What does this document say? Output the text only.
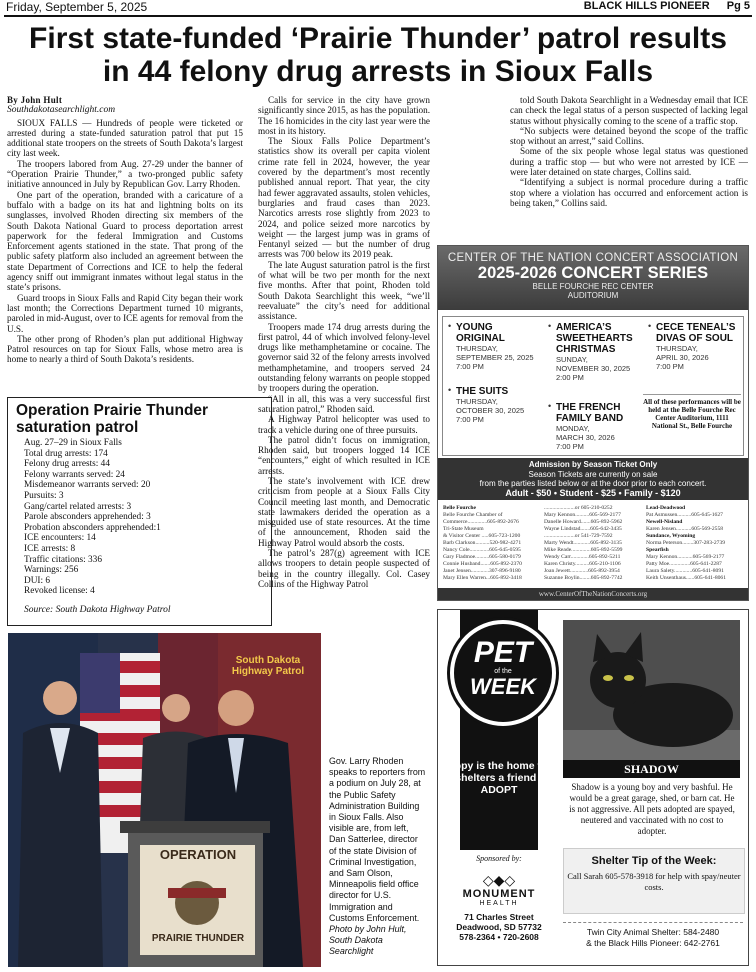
Friday, September 5, 2025	BLACK HILLS PIONEER Pg 5
First state-funded ‘Prairie Thunder’ patrol results
in 44 felony drug arrests in Sioux Falls
By John Hult
Southdakotasearchlight.com

SIOUX FALLS — Hundreds of people were ticketed or arrested during a state-funded saturation patrol that put 15 additional state troopers on the streets of South Dakota’s largest city last week.

The troopers labored from Aug. 27-29 under the banner of “Operation Prairie Thunder,” a two-pronged public safety initiative announced in July by Republican Gov. Larry Rhoden.

One part of the operation, branded with a caricature of a buffalo with a badge on its hat and lightning bolts on its sunglasses, involved Rhoden directing six members of the South Dakota National Guard to process deportation arrest paperwork for the federal Immigration and Customs Enforcement agents stationed in the state. That prong of the public safety platform also included an agreement between the state Department of Corrections and ICE to help the federal agency sniff out immigrant inmates without legal status in the state’s prisons.

Guard troops in Sioux Falls and Rapid City began their work last month; the Corrections Department turned 10 migrants, paroled in mid-August, over to ICE agents for removal from the U.S.

The other prong of Rhoden’s plan put additional Highway Patrol resources on tap for Sioux Falls, whose metro area is home to nearly a third of South Dakota’s residents.

Operation Prairie Thunder saturation patrol
Aug. 27–29 in Sioux Falls
Total drug arrests: 174
Felony drug arrests: 44
Felony warrants served: 24
Misdemeanor warrants served: 20
Pursuits: 3
Gang/cartel related arrests: 3
Parole absconders apprehended: 3
Probation absconders apprehended:1
ICE encounters: 14
ICE arrests: 8
Traffic citations: 336
Warnings: 256
DUI: 6
Revoked license: 4
Source: South Dakota Highway Patrol

Calls for service in the city have grown significantly since 2015, as has the population. The 16 homicides in the city last year were the most in its history.

The Sioux Falls Police Department’s statistics show its overall per capita violent crime rate fell in 2024, however, the year covered by the department’s most recently published annual report. That year, the city had fewer aggravated assaults, stolen vehicles, burglaries and fraud cases than 2023. Narcotics arrests rose slightly from 2023 to 2024, and police seized more narcotics by weight — the largest jump was in grams of Fentanyl seized — but the number of drug arrests was 700 below its 2019 peak.

The late August saturation patrol is the first of what will be two per month for the next five months. After that point, Rhoden told South Dakota Searchlight this week, “we’ll reevaluate” the city’s need for additional assistance.

Troopers made 174 drug arrests during the first patrol, 44 of which involved felony-level drugs like methamphetamine or cocaine. The governor said 32 of the felony arrests involved methamphetamine, and troopers served 24 outstanding felony warrants on people stopped by troopers during the operation.

“All in all, this was a very successful first saturation patrol,” Rhoden said.

A Highway Patrol helicopter was used to track a vehicle during one of three pursuits.

The patrol didn’t focus on immigration, Rhoden said, but troopers logged 14 ICE “encounters,” eight of which resulted in ICE arrests.

The state’s involvement with ICE drew criticism from people at a Sioux Falls City Council meeting last month, and Democratic state lawmakers derided the operation as a misguided use of state resources. At the time of the announcement, Rhoden said the Highway Patrol would absorb the costs.

The patrol’s 287(g) agreement with ICE allows troopers to detain people suspected of being in the country illegally. Col. Casey Collins of the Highway Patrol

told South Dakota Searchlight in a Wednesday email that ICE can check the legal status of a person suspected of lacking legal status without physically coming to the scene of a traffic stop.

“No subjects were detained beyond the scope of the traffic stop without an arrest,” said Collins.

Some of the six people whose legal status was questioned during a traffic stop — but who were not arrested by ICE — were later detained on state charges, Collins said.

“Identifying a subject is normal procedure during a traffic stop where a violation has occurred and enforcement action is being taken,” Collins said.

CENTER OF THE NATION CONCERT ASSOCIATION
2025-2026 CONCERT SERIES
BELLE FOURCHE REC CENTER
AUDITORIUM
• YOUNG ORIGINAL
THURSDAY,
SEPTEMBER 25, 2025
7:00 PM
• AMERICA’S SWEETHEARTS CHRISTMAS
SUNDAY,
NOVEMBER 30, 2025
2:00 PM
• CECE TENEAL’S DIVAS OF SOUL
THURSDAY,
APRIL 30, 2026
7:00 PM
• THE SUITS
THURSDAY,
OCTOBER 30, 2025
7:00 PM
• THE FRENCH FAMILY BAND
MONDAY,
MARCH 30, 2026
7:00 PM
All of these performances will be held at the Belle Fourche Rec Center Auditorium, 1111 National St., Belle Fourche
Admission by Season Ticket Only
Season Tickets are currently on sale
from the parties listed below or at the door prior to each concert.
Adult - $50 • Student - $25 • Family - $120
Belle Fourche
Belle Fourche Chamber of
Commerce..............605-892-2676
Tri-State Museum
& Visitor Center .....605-723-1200
Barb Clarkson..........520-982-4271
Nancy Cole..............605-645-0595
Gary Fladmoe..........605-580-0179
Connie Husband.......605-892-2370
Janet Jensen.............307-896-9180
Mary Ellen Warren...605-892-3418
......................or 605-210-0252
Mary Kennon..........605-569-2177
Danelle Howard.......605-892-5962
Wayne Lindstad.......605-642-3435
......................or 541-729-7592
Marty Wendt............605-892-3135
Mike Reade..............605-892-5599
Wendy Carr.............605-892-5211
Karen Christy..........605-210-1106
Joan Jewett.............605-892-3954
Suzanne Boylin........605-892-7742
Lead-Deadwood
Pat Asmussen..........605-645-1627
Newell-Nisland
Karen Jensen...........605-569-2558
Sundance, Wyoming
Norma Peterson........307-283-2739
Spearfish
Mary Kennon...........605-569-2177
Patty Moe...............605-641-2287
Laura Salety.............605-641-8091
Keith Unsenthaus......605-641-8061
www.CenterOfTheNationConcerts.org
OPERATION
PRAIRIE THUNDER
South Dakota Highway Patrol
Gov. Larry Rhoden speaks to reporters from a podium on July 28, at the Public Safety Administration Building in Sioux Falls. Also visible are, from left, Dan Satterlee, director of the state Division of Criminal Investigation, and Sam Olson, Minneapolis field office director for U.S. Immigration and Customs Enforcement. Photo by John Hult, South Dakota Searchlight
PET
of the
WEEK
Happy is the home that shelters a friend - ADOPT
Sponsored by:
◇◆◇
MONUMENT
HEALTH
71 Charles Street
Deadwood, SD 57732
578-2364 • 720-2608
SHADOW
Shadow is a young boy and very bashful. He would be a great garage, shed, or barn cat. He is not aggressive. All pets adopted are spayed, neutered and vaccinated with no cost to adopter.
Shelter Tip of the Week:
Call Sarah 605-578-3918 for help with spay/neuter costs.
Twin City Animal Shelter: 584-2480
& the Black Hills Pioneer: 642-2761
